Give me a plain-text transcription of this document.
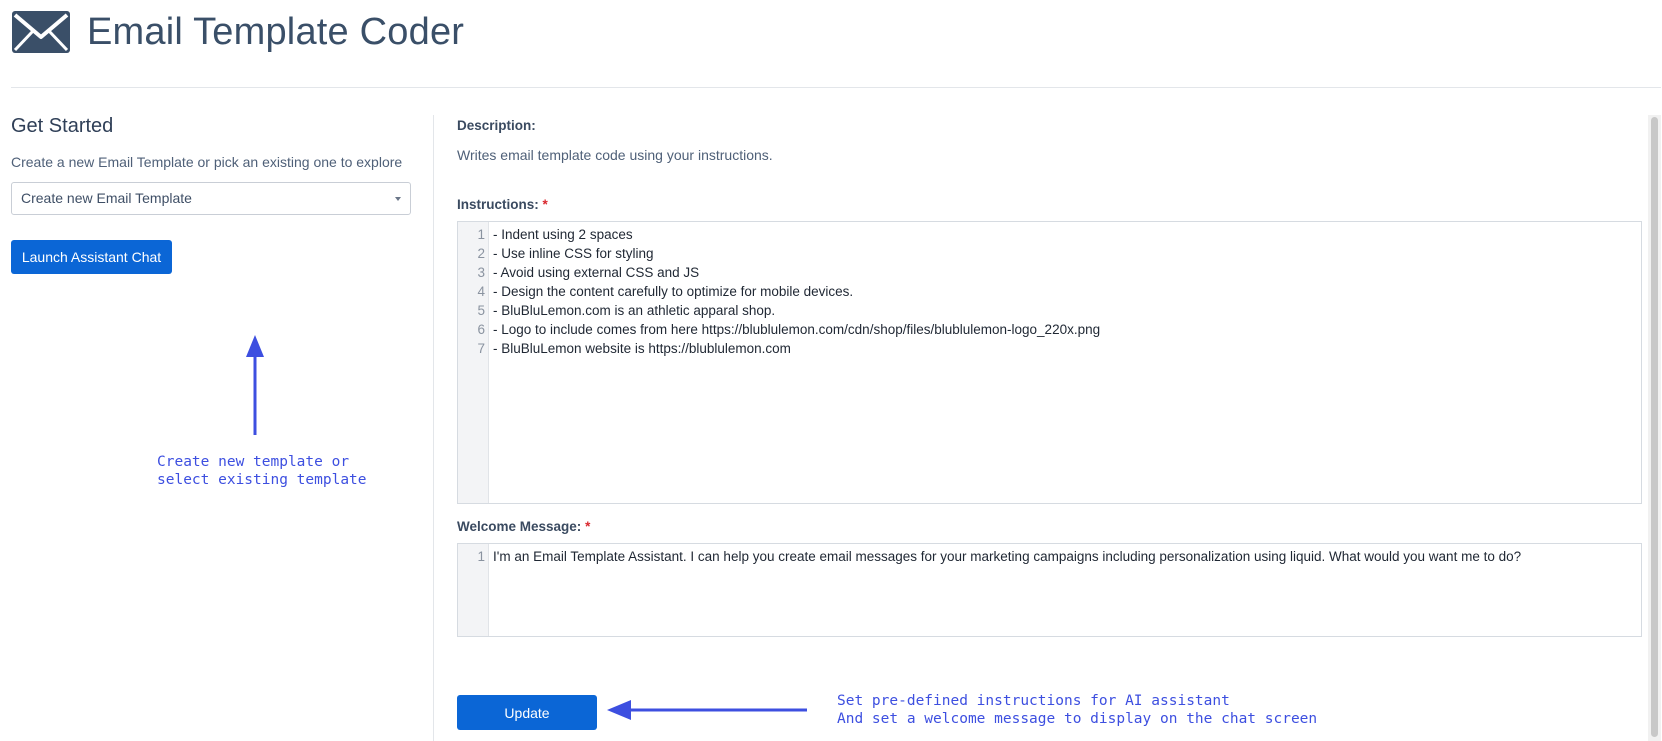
Email Template Coder
Get Started
Create a new Email Template or pick an existing one to explore
Create new Email Template
Launch Assistant Chat
Create new template or
select existing template
Description:
Writes email template code using your instructions.
Instructions: *
1 - Indent using 2 spaces
2 - Use inline CSS for styling
3 - Avoid using external CSS and JS
4 - Design the content carefully to optimize for mobile devices.
5 - BluBluLemon.com is an athletic apparal shop.
6 - Logo to include comes from here https://blublulemon.com/cdn/shop/files/blublulemon-logo_220x.png
7 - BluBluLemon website is https://blublulemon.com
Welcome Message: *
1 I'm an Email Template Assistant. I can help you create email messages for your marketing campaigns including personalization using liquid. What would you want me to do?
Update
Set pre-defined instructions for AI assistant
And set a welcome message to display on the chat screen
